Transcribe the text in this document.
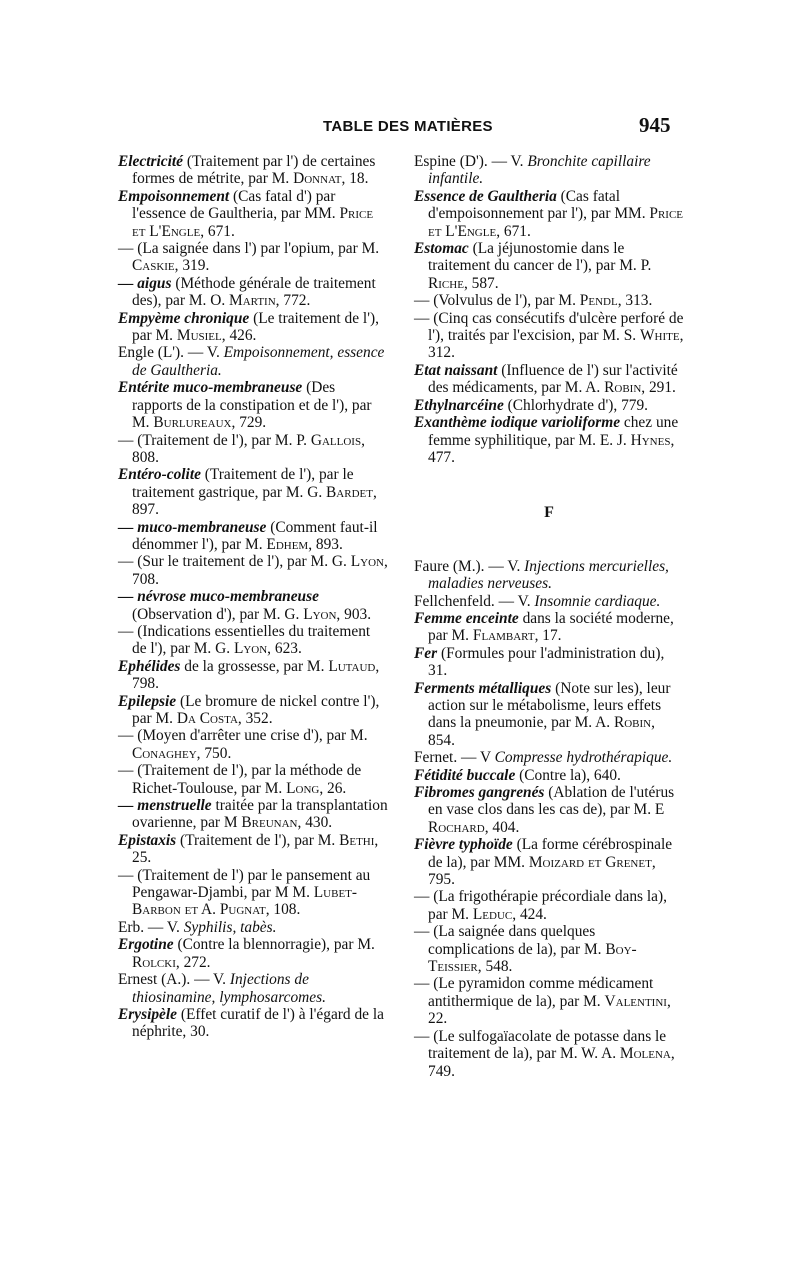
TABLE DES MATIÈRES	945

Electricité (Traitement par l') de certaines formes de métrite, par M. Donnat, 18.

Empoisonnement (Cas fatal d') par l'essence de Gaultheria, par MM. Price et L'Engle, 671.

— (La saignée dans l') par l'opium, par M. Caskie, 319.

— aigus (Méthode générale de traitement des), par M. O. Martin, 772.

Empyème chronique (Le traitement de l'), par M. Musiel, 426.

Engle (L'). — V. Empoisonnement, essence de Gaultheria.

Entérite muco-membraneuse (Des rapports de la constipation et de l'), par M. Burlureaux, 729.

— (Traitement de l'), par M. P. Gallois, 808.

Entéro-colite (Traitement de l'), par le traitement gastrique, par M. G. Bardet, 897.

— muco-membraneuse (Comment faut-il dénommer l'), par M. Edhem, 893.

— (Sur le traitement de l'), par M. G. Lyon, 708.

— névrose muco-membraneuse (Observation d'), par M. G. Lyon, 903.

— (Indications essentielles du traitement de l'), par M. G. Lyon, 623.

Ephélides de la grossesse, par M. Lutaud, 798.

Epilepsie (Le bromure de nickel contre l'), par M. Da Costa, 352.

— (Moyen d'arrêter une crise d'), par M. Conaghey, 750.

— (Traitement de l'), par la méthode de Richet-Toulouse, par M. Long, 26.

— menstruelle traitée par la transplantation ovarienne, par M Breunan, 430.

Epistaxis (Traitement de l'), par M. Bethi, 25.

— (Traitement de l') par le pansement au Pengawar-Djambi, par M M. Lubet-Barbon et A. Pugnat, 108.

Erb. — V. Syphilis, tabès.

Ergotine (Contre la blennorragie), par M. Rolcki, 272.

Ernest (A.). — V. Injections de thiosinamine, lymphosarcomes.

Erysipèle (Effet curatif de l') à l'égard de la néphrite, 30.

Espine (D'). — V. Bronchite capillaire infantile.

Essence de Gaultheria (Cas fatal d'empoisonnement par l'), par MM. Price et L'Engle, 671.

Estomac (La jéjunostomie dans le traitement du cancer de l'), par M. P. Riche, 587.

— (Volvulus de l'), par M. Pendl, 313.

— (Cinq cas consécutifs d'ulcère perforé de l'), traités par l'excision, par M. S. White, 312.

Etat naissant (Influence de l') sur l'activité des médicaments, par M. A. Robin, 291.

Ethylnarcéine (Chlorhydrate d'), 779.

Exanthème iodique varioliforme chez une femme syphilitique, par M. E. J. Hynes, 477.

F

Faure (M.). — V. Injections mercurielles, maladies nerveuses.

Fellchenfeld. — V. Insomnie cardiaque.

Femme enceinte dans la société moderne, par M. Flambart, 17.

Fer (Formules pour l'administration du), 31.

Ferments métalliques (Note sur les), leur action sur le métabolisme, leurs effets dans la pneumonie, par M. A. Robin, 854.

Fernet. — V Compresse hydrothérapique.

Fétidité buccale (Contre la), 640.

Fibromes gangrenés (Ablation de l'utérus en vase clos dans les cas de), par M. E Rochard, 404.

Fièvre typhoïde (La forme cérébrospinale de la), par MM. Moizard et Grenet, 795.

— (La frigothérapie précordiale dans la), par M. Leduc, 424.

— (La saignée dans quelques complications de la), par M. Boy-Teissier, 548.

— (Le pyramidon comme médicament antithermique de la), par M. Valentini, 22.

— (Le sulfogaïacolate de potasse dans le traitement de la), par M. W. A. Molena, 749.
